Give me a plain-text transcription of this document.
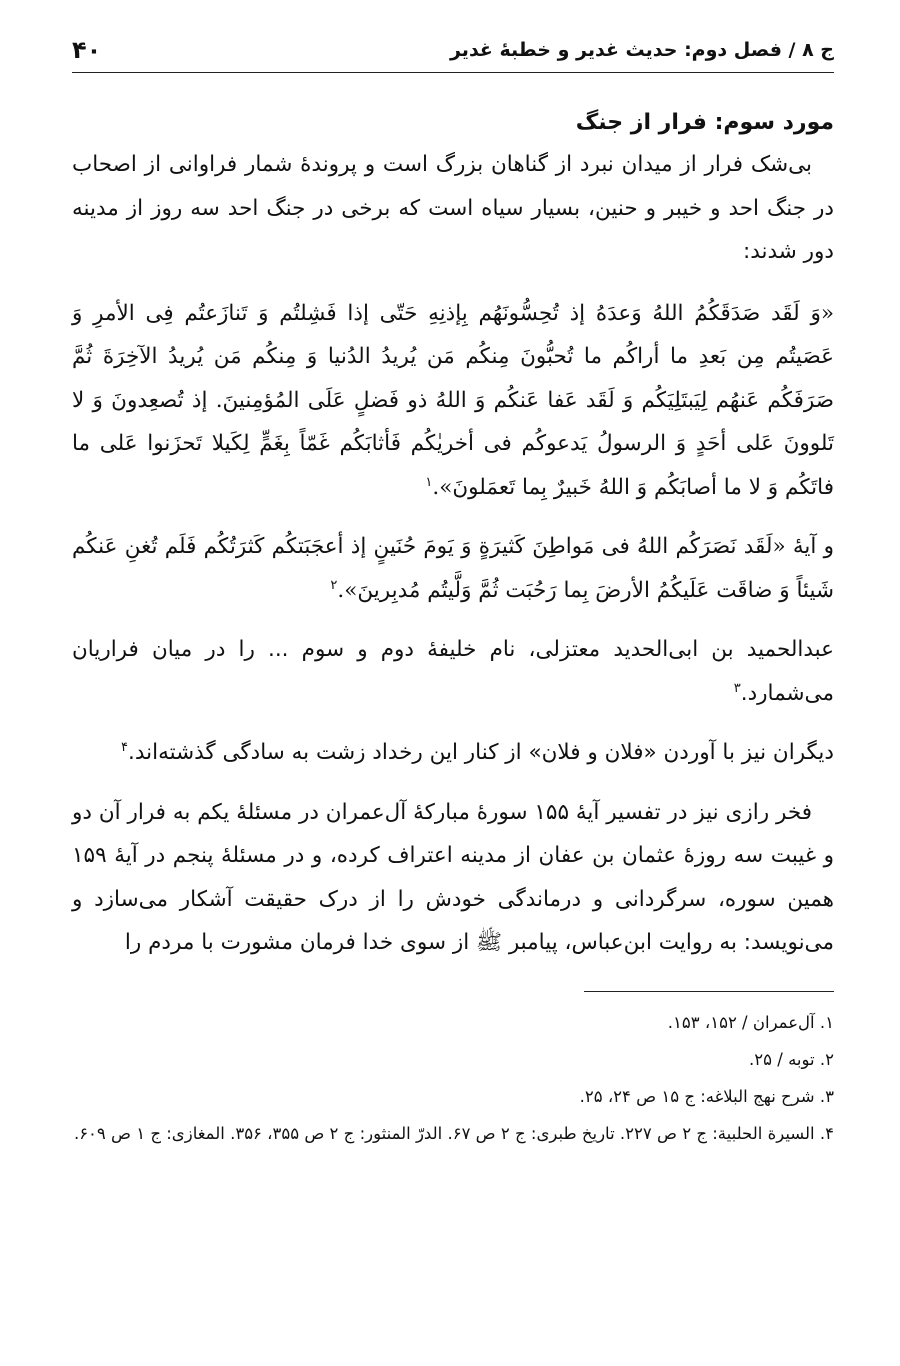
ج ۸ / فصل دوم: حدیث غدیر و خطبۀ غدیر
۴۰
مورد سوم: فرار از جنگ

بی‌شک فرار از میدان نبرد از گناهان بزرگ است و پروندۀ شمار فراوانی از اصحاب در جنگ احد و خیبر و حنین، بسیار سیاه است که برخی در جنگ احد سه روز از مدینه دور شدند:

«وَ لَقَد صَدَقَکُمُ اللهُ وَعدَهُ إذ تُحِسُّونَهُم بِإذنِهِ حَتّی إذا فَشِلتُم وَ تَنازَعتُم فِی الأمرِ وَ عَصَیتُم مِن بَعدِ ما أراکُم ما تُحبُّونَ مِنکُم مَن یُریدُ الدُنیا وَ مِنکُم مَن یُریدُ الآخِرَةَ ثُمَّ صَرَفَکُم عَنهُم لِیَبتَلِیَکُم وَ لَقَد عَفا عَنکُم وَ اللهُ ذو فَضلٍ عَلَی المُؤمِنینَ. إذ تُصعِدونَ وَ لا تَلوونَ عَلی أحَدٍ وَ الرسولُ یَدعوکُم فی أخریٰکُم فَأثابَکُم غَمّاً بِغَمٍّ لِکَیلا تَحزَنوا عَلی ما فاتَکُم وَ لا ما أصابَکُم وَ اللهُ خَبیرٌ بِما تَعمَلونَ».$^۱$

و آیۀ «لَقَد نَصَرَکُم اللهُ فی مَواطِنَ کَثیرَةٍ وَ یَومَ حُنَینٍ إذ أعجَبَتکُم کَثرَتُکُم فَلَم تُغنِ عَنکُم شَیئاً وَ ضاقَت عَلَیکُمُ الأرضَ بِما رَحُبَت ثُمَّ وَلَّیتُم مُدبِرینَ».$^۲$

عبدالحمید بن ابی‌الحدید معتزلی، نام خلیفۀ دوم و سوم ... را در میان فراریان می‌شمارد.$^۳$

دیگران نیز با آوردن «فلان و فلان» از کنار این رخداد زشت به سادگی گذشته‌اند.$^۴$

فخر رازی نیز در تفسیر آیۀ ۱۵۵ سورۀ مبارکۀ آل‌عمران در مسئلۀ یکم به فرار آن دو و غیبت سه روزۀ عثمان بن عفان از مدینه اعتراف کرده، و در مسئلۀ پنجم در آیۀ ۱۵۹ همین سوره، سرگردانی و درماندگی خودش را از درک حقیقت آشکار می‌سازد و می‌نویسد: به روایت ابن‌عباس، پیامبر ﷺ از سوی خدا فرمان مشورت با مردم را

۱. آل‌عمران / ۱۵۲، ۱۵۳.

۲. توبه / ۲۵.

۳. شرح نهج البلاغه: ج ۱۵ ص ۲۴، ۲۵.

۴. السیرة الحلبیة: ج ۲ ص ۲۲۷. تاریخ طبری: ج ۲ ص ۶۷. الدرّ المنثور: ج ۲ ص ۳۵۵، ۳۵۶. المغازی: ج ۱ ص ۶۰۹.
